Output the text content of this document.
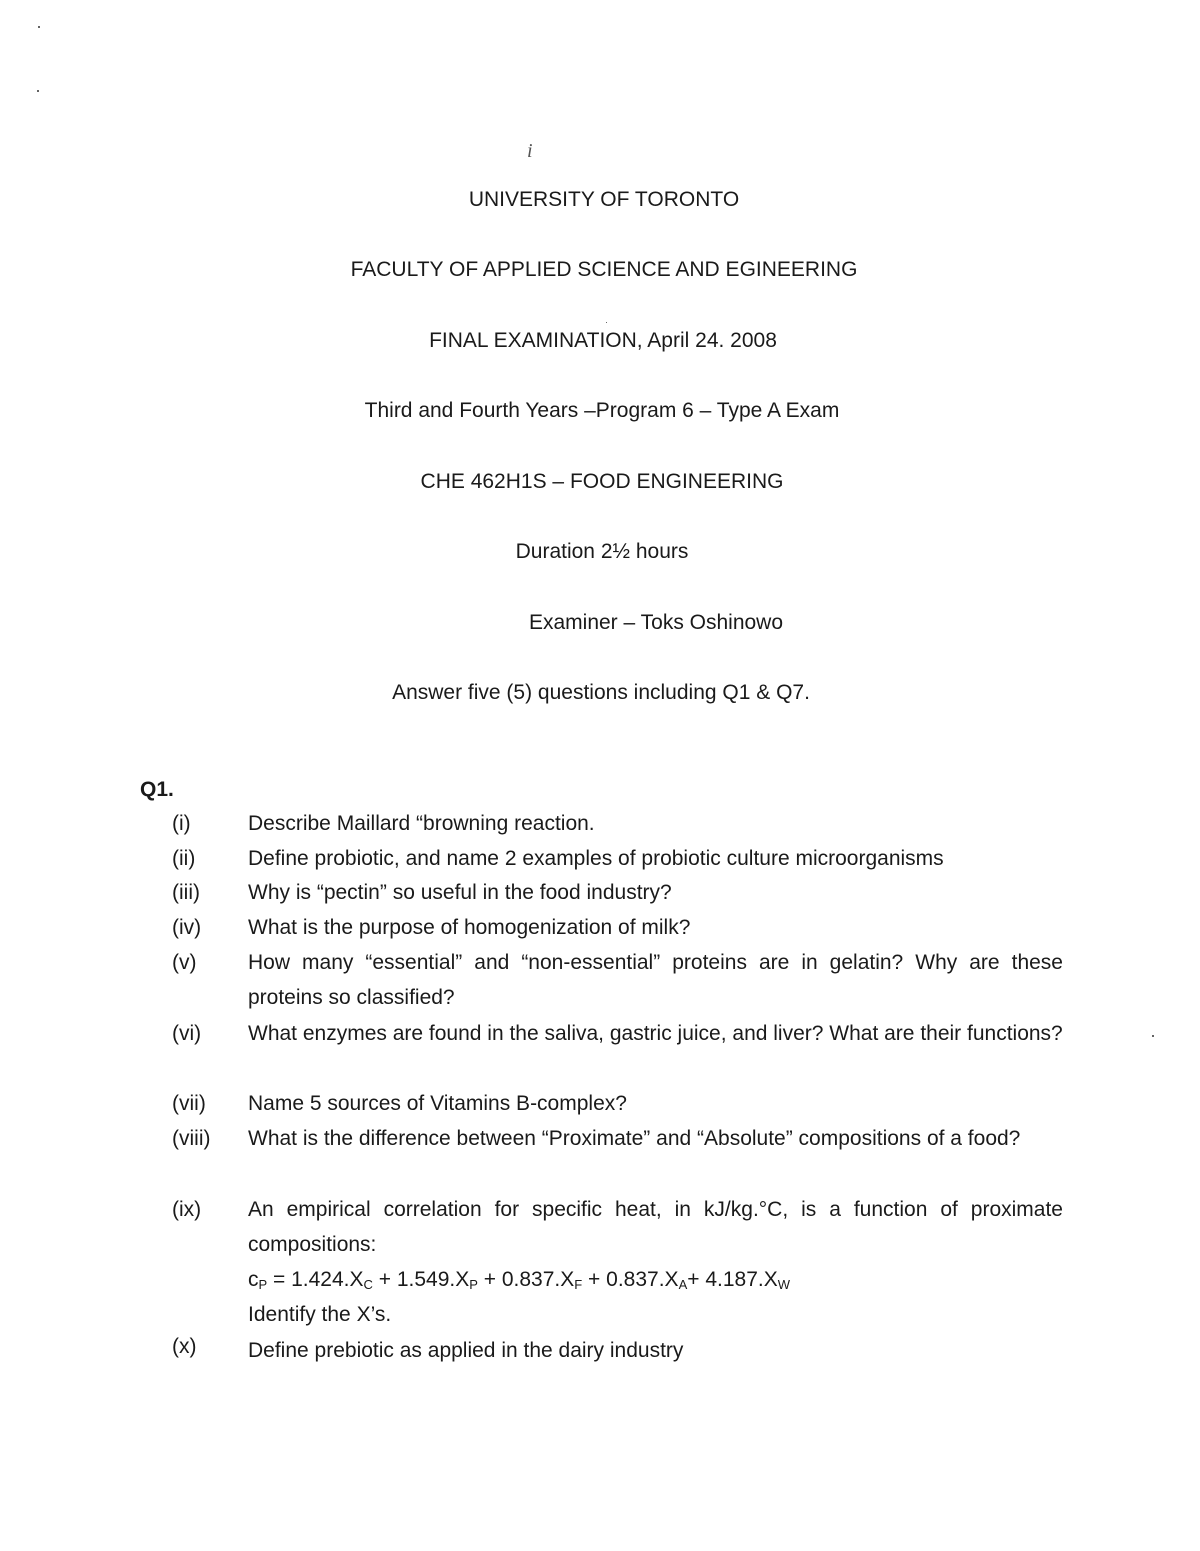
i
UNIVERSITY OF TORONTO
FACULTY OF APPLIED SCIENCE AND EGINEERING
FINAL EXAMINATION, April 24. 2008
Third and Fourth Years –Program 6 – Type A Exam
CHE 462H1S – FOOD ENGINEERING
Duration 2½ hours
Examiner – Toks Oshinowo
Answer five (5) questions including Q1 & Q7.
Q1.
(i)	Describe Maillard “browning reaction.
(ii)	Define probiotic, and name 2 examples of probiotic culture microorganisms
(iii) Why is “pectin” so useful in the food industry?
(iv) What is the purpose of homogenization of milk?
(v) How many “essential” and “non-essential” proteins are in gelatin? Why are these proteins so classified?
(vi) What enzymes are found in the saliva, gastric juice, and liver? What are their functions?
(vii) Name 5 sources of Vitamins B-complex?
(viii) What is the difference between “Proximate” and “Absolute” compositions of a food?
(ix) An empirical correlation for specific heat, in kJ/kg.°C, is a function of proximate compositions:
$c_P = 1.424.X_C + 1.549.X_P + 0.837.X_F + 0.837.X_A+ 4.187.X_W$
Identify the X’s.
(x) Define prebiotic as applied in the dairy industry
